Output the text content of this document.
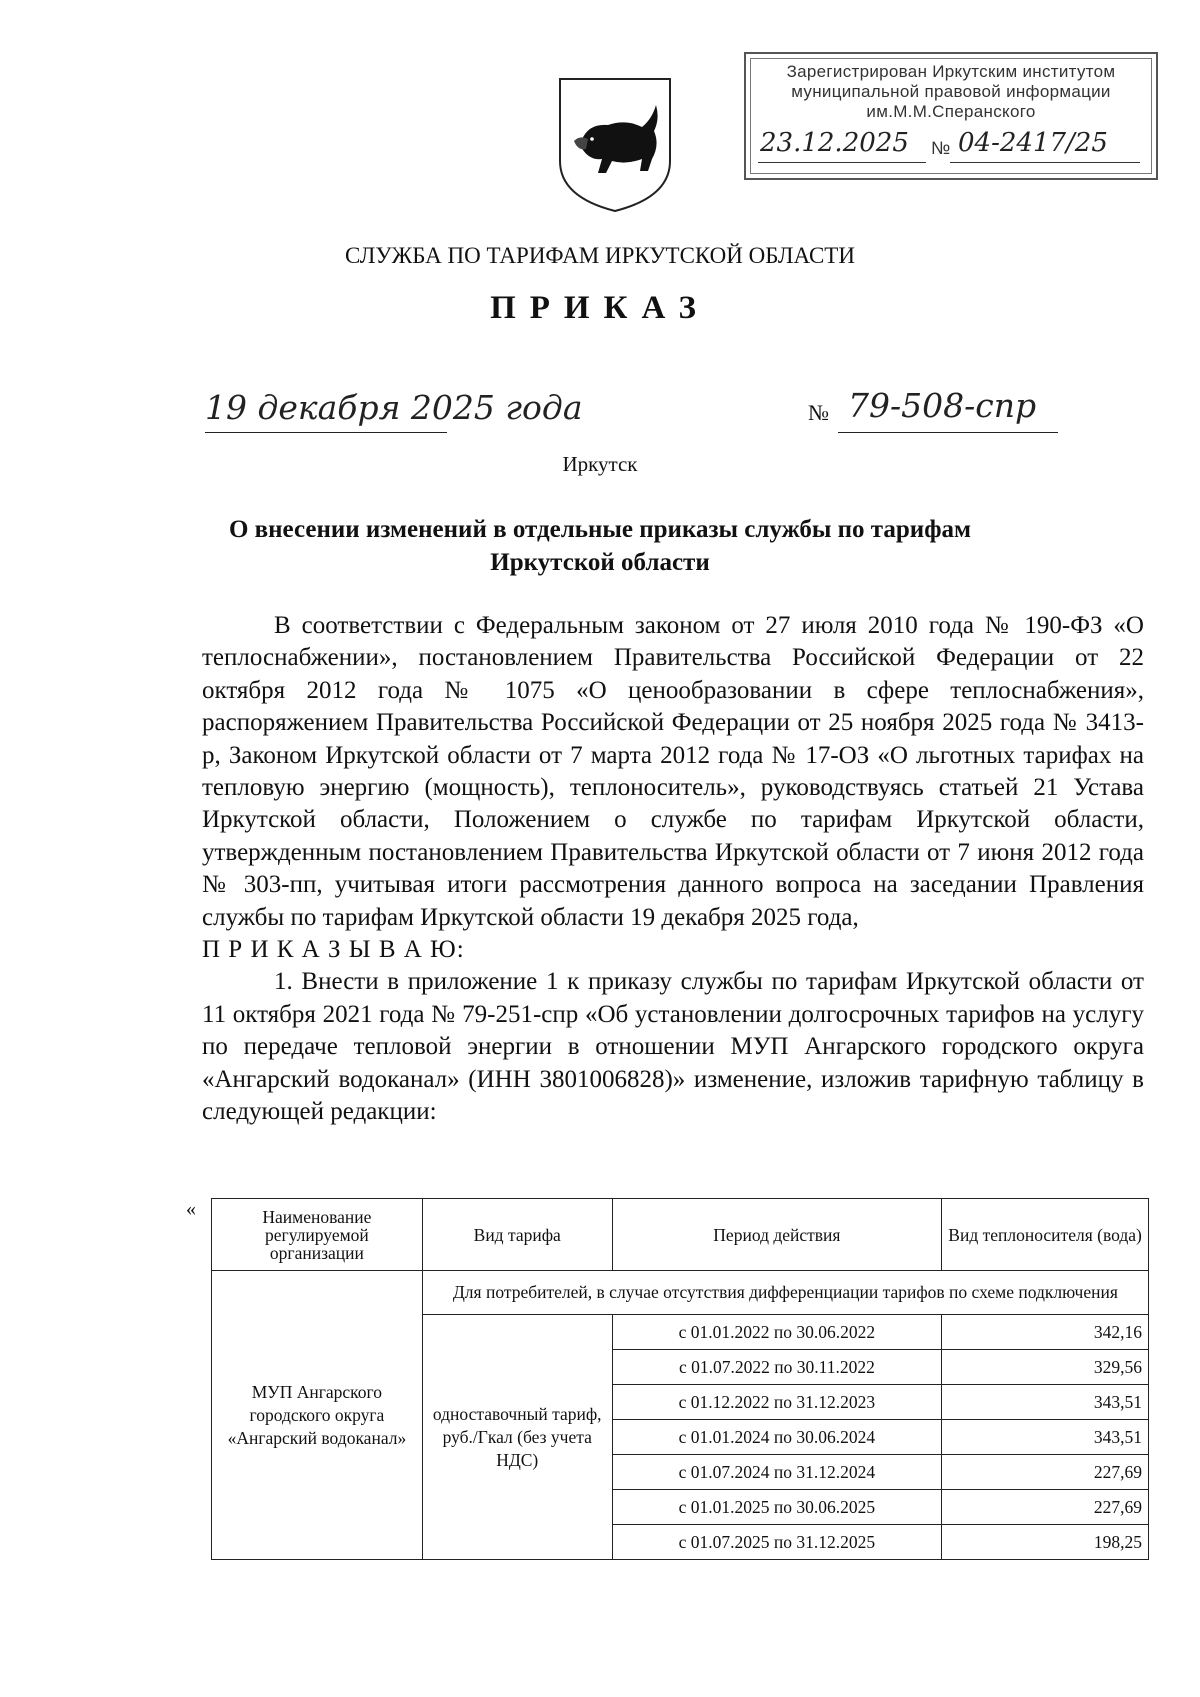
Зарегистрирован Иркутским институтом
муниципальной правовой информации
им.М.М.Сперанского
23.12.2025 № 04-2417/25
СЛУЖБА ПО ТАРИФАМ ИРКУТСКОЙ ОБЛАСТИ
ПРИКАЗ
19 декабря 2025 года	№ 79-508-спр
Иркутск
О внесении изменений в отдельные приказы службы по тарифам Иркутской области

В соответствии с Федеральным законом от 27 июля 2010 года № 190-ФЗ «О теплоснабжении», постановлением Правительства Российской Федерации от 22 октября 2012 года № 1075 «О ценообразовании в сфере теплоснабжения», распоряжением Правительства Российской Федерации от 25 ноября 2025 года № 3413-р, Законом Иркутской области от 7 марта 2012 года № 17-ОЗ «О льготных тарифах на тепловую энергию (мощность), теплоноситель», руководствуясь статьей 21 Устава Иркутской области, Положением о службе по тарифам Иркутской области, утвержденным постановлением Правительства Иркутской области от 7 июня 2012 года № 303-пп, учитывая итоги рассмотрения данного вопроса на заседании Правления службы по тарифам Иркутской области 19 декабря 2025 года,

П Р И К А З Ы В А Ю:

1. Внести в приложение 1 к приказу службы по тарифам Иркутской области от 11 октября 2021 года № 79-251-спр «Об установлении долгосрочных тарифов на услугу по передаче тепловой энергии в отношении МУП Ангарского городского округа «Ангарский водоканал» (ИНН 3801006828)» изменение, изложив тарифную таблицу в следующей редакции:

«	Наименование регулируемой организации	Вид тарифа	Период действия	Вид теплоносителя (вода)
МУП Ангарского городского округа «Ангарский водоканал»	Для потребителей, в случае отсутствия дифференциации тарифов по схеме подключения		
	одноставочный тариф, руб./Гкал (без учета НДС)	с 01.01.2022 по 30.06.2022	342,16
		с 01.07.2022 по 30.11.2022	329,56
		с 01.12.2022 по 31.12.2023	343,51
		с 01.01.2024 по 30.06.2024	343,51
		с 01.07.2024 по 31.12.2024	227,69
		с 01.01.2025 по 30.06.2025	227,69
		с 01.07.2025 по 31.12.2025	198,25
